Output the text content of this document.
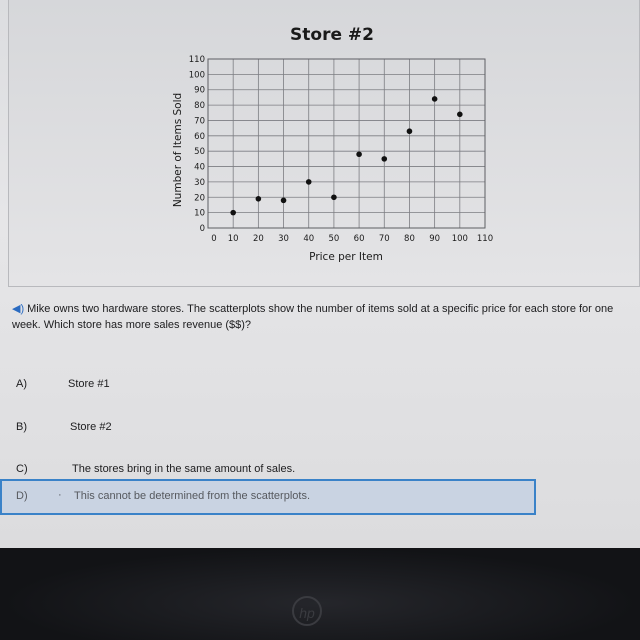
Store #2
0 10 20 30 40 50 60 70 80 90 100 110
0
10
20
30
40
50
60
70
80
90
100
110
Price per Item
Number of Items Sold
◀) Mike owns two hardware stores. The scatterplots show the number of items sold at a specific price for each store for one week. Which store has more sales revenue ($$)?
A)	Store #1
B)	Store #2
C)	The stores bring in the same amount of sales.
D)	· This cannot be determined from the scatterplots.
hp
